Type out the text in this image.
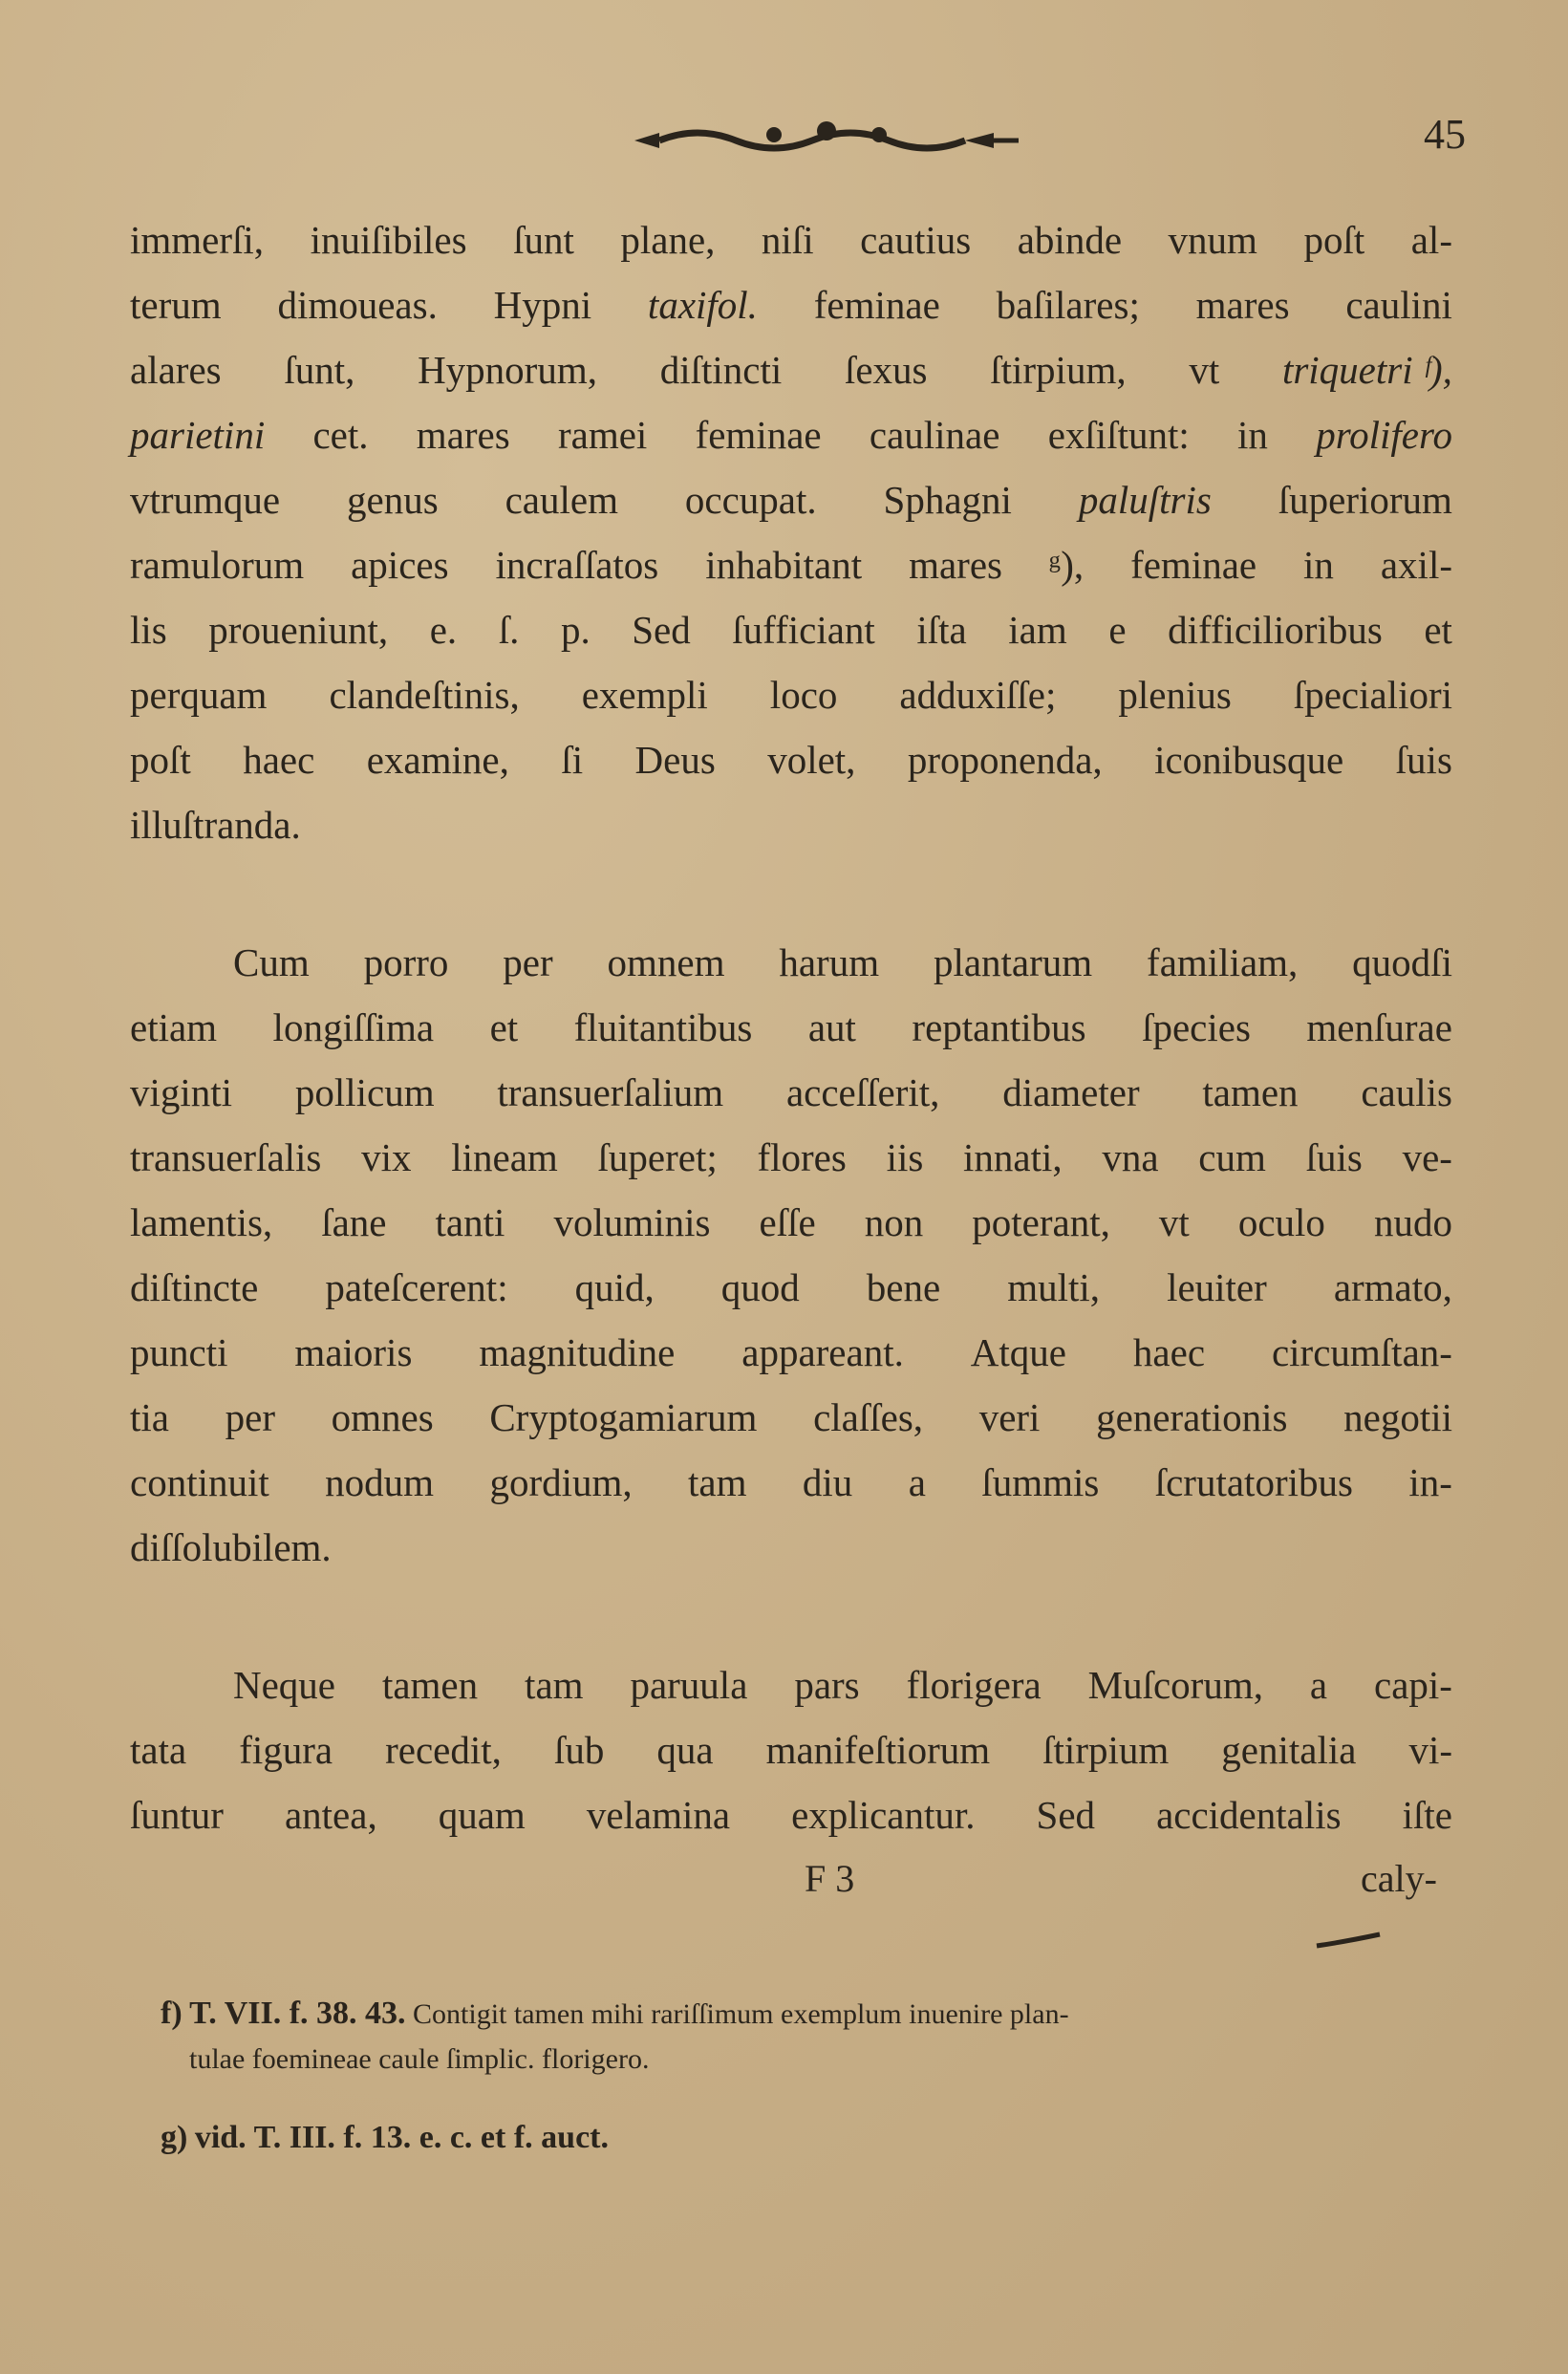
45
immerſi, inuiſibiles ſunt plane, niſi cautius abinde vnum poſt al-
terum dimoueas. Hypni taxifol. feminae baſilares; mares caulini
alares ſunt, Hypnorum, diſtincti ſexus ſtirpium, vt triquetri ᶠ),
parietini cet. mares ramei feminae caulinae exſiſtunt: in prolifero
vtrumque genus caulem occupat. Sphagni paluſtris ſuperiorum
ramulorum apices incraſſatos inhabitant mares ᵍ), feminae in axil-
lis proueniunt, e. ſ. p. Sed ſufficiant iſta iam e difficilioribus et
perquam clandeſtinis, exempli loco adduxiſſe; plenius ſpecialiori
poſt haec examine, ſi Deus volet, proponenda, iconibusque ſuis
illuſtranda.
Cum porro per omnem harum plantarum familiam, quodſi
etiam longiſſima et fluitantibus aut reptantibus ſpecies menſurae
viginti pollicum transuerſalium acceſſerit, diameter tamen caulis
transuerſalis vix lineam ſuperet; flores iis innati, vna cum ſuis ve-
lamentis, ſane tanti voluminis eſſe non poterant, vt oculo nudo
diſtincte pateſcerent: quid, quod bene multi, leuiter armato,
puncti maioris magnitudine appareant. Atque haec circumſtan-
tia per omnes Cryptogamiarum claſſes, veri generationis negotii
continuit nodum gordium, tam diu a ſummis ſcrutatoribus in-
diſſolubilem.
Neque tamen tam paruula pars florigera Muſcorum, a capi-
tata figura recedit, ſub qua manifeſtiorum ſtirpium genitalia vi-
ſuntur antea, quam velamina explicantur. Sed accidentalis iſte
F 3	caly-
f) T. VII. f. 38. 43. Contigit tamen mihi rariſſimum exemplum inuenire plan-
tulae foemineae caule ſimplic. florigero.
g) vid. T. III. f. 13. e. c. et f. auct.
